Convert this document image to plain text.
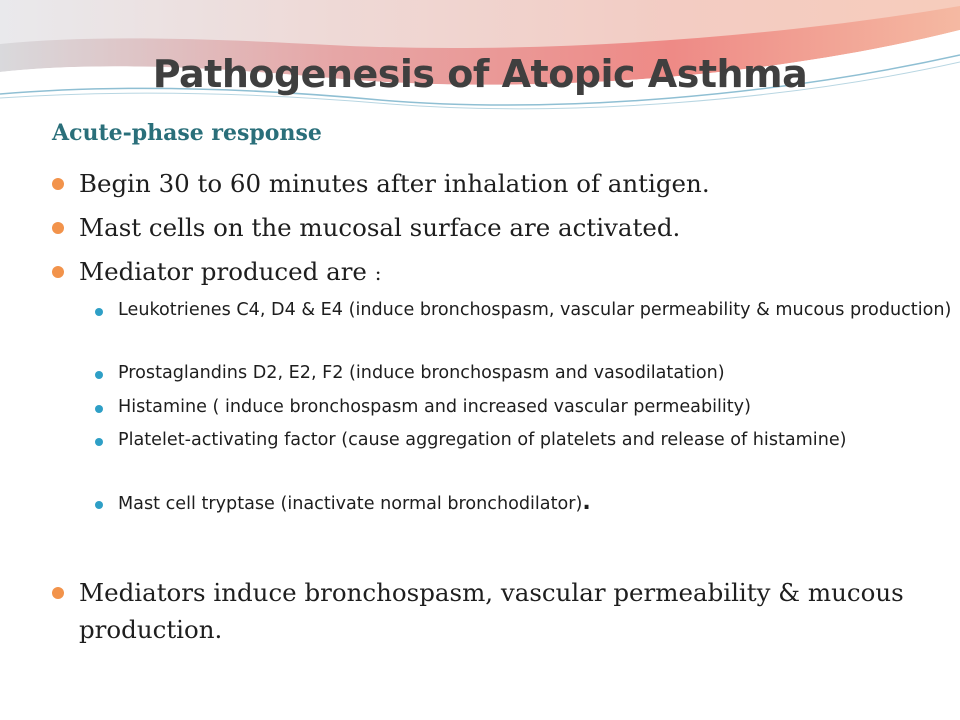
Pathogenesis of Atopic Asthma
Acute-phase response
Begin 30 to 60 minutes after inhalation of antigen.
Mast cells on the mucosal surface are activated.
Mediator produced are :
Leukotrienes C4, D4 & E4 (induce bronchospasm, vascular permeability & mucous production)
Prostaglandins D2, E2, F2 (induce bronchospasm and vasodilatation)
Histamine ( induce bronchospasm and increased vascular permeability)
Platelet-activating factor (cause aggregation of platelets and release of histamine)
Mast cell tryptase (inactivate normal bronchodilator).
Mediators induce bronchospasm, vascular permeability & mucous production.
